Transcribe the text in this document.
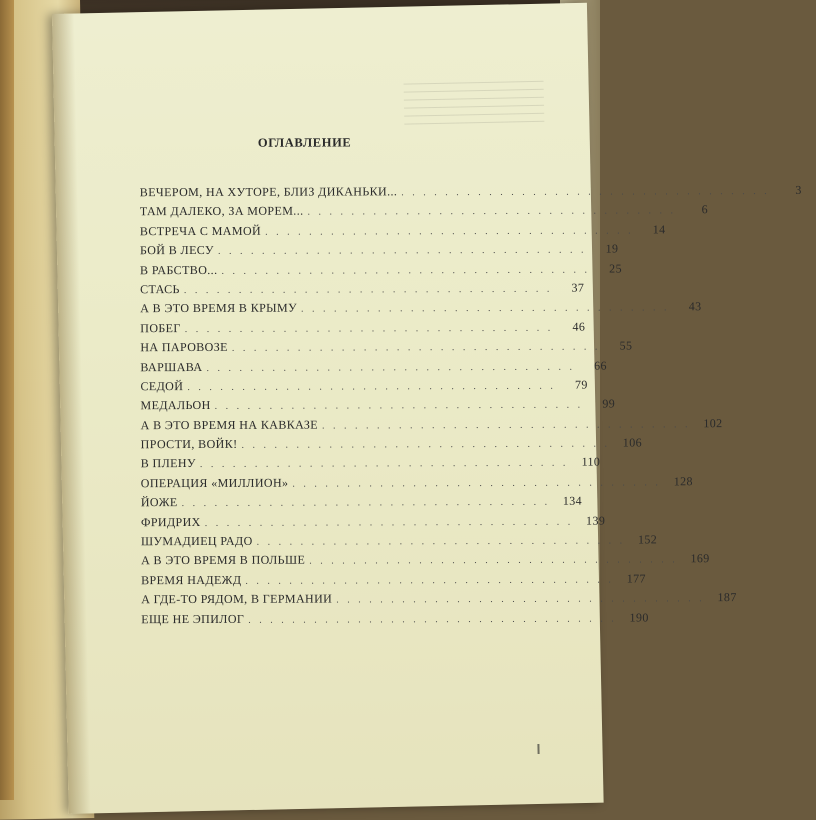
ОГЛАВЛЕНИЕ
ВЕЧЕРОМ, НА ХУТОРЕ, БЛИЗ ДИКАНЬКИ... . . . . . . . . . . . . . . . . . . . . . . . . . . . . . . . . . .	3
ТАМ ДАЛЕКО, ЗА МОРЕМ... . . . . . . . . . . . . . . . . . . . . . . . . . . . . . . . . . .	6
ВСТРЕЧА С МАМОЙ . . . . . . . . . . . . . . . . . . . . . . . . . . . . . . . . . .	14
БОЙ В ЛЕСУ . . . . . . . . . . . . . . . . . . . . . . . . . . . . . . . . . .	19
В РАБСТВО... . . . . . . . . . . . . . . . . . . . . . . . . . . . . . . . . . .	25
СТАСЬ . . . . . . . . . . . . . . . . . . . . . . . . . . . . . . . . . .	37
А В ЭТО ВРЕМЯ В КРЫМУ . . . . . . . . . . . . . . . . . . . . . . . . . . . . . . . . . .	43
ПОБЕГ . . . . . . . . . . . . . . . . . . . . . . . . . . . . . . . . . .	46
НА ПАРОВОЗЕ . . . . . . . . . . . . . . . . . . . . . . . . . . . . . . . . . .	55
ВАРШАВА . . . . . . . . . . . . . . . . . . . . . . . . . . . . . . . . . .	66
СЕДОЙ . . . . . . . . . . . . . . . . . . . . . . . . . . . . . . . . . .	79
МЕДАЛЬОН . . . . . . . . . . . . . . . . . . . . . . . . . . . . . . . . . .	99
А В ЭТО ВРЕМЯ НА КАВКАЗЕ . . . . . . . . . . . . . . . . . . . . . . . . . . . . . . . . . .	102
ПРОСТИ, ВОЙК! . . . . . . . . . . . . . . . . . . . . . . . . . . . . . . . . . .	106
В ПЛЕНУ . . . . . . . . . . . . . . . . . . . . . . . . . . . . . . . . . .	110
ОПЕРАЦИЯ «МИЛЛИОН» . . . . . . . . . . . . . . . . . . . . . . . . . . . . . . . . . .	128
ЙОЖЕ . . . . . . . . . . . . . . . . . . . . . . . . . . . . . . . . . .	134
ФРИДРИХ . . . . . . . . . . . . . . . . . . . . . . . . . . . . . . . . . .	139
ШУМАДИЕЦ РАДО . . . . . . . . . . . . . . . . . . . . . . . . . . . . . . . . . .	152
А В ЭТО ВРЕМЯ В ПОЛЬШЕ . . . . . . . . . . . . . . . . . . . . . . . . . . . . . . . . . .	169
ВРЕМЯ НАДЕЖД . . . . . . . . . . . . . . . . . . . . . . . . . . . . . . . . . .	177
А ГДЕ-ТО РЯДОМ, В ГЕРМАНИИ . . . . . . . . . . . . . . . . . . . . . . . . . . . . . . . . . .	187
ЕЩЕ НЕ ЭПИЛОГ . . . . . . . . . . . . . . . . . . . . . . . . . . . . . . . . . .	190
